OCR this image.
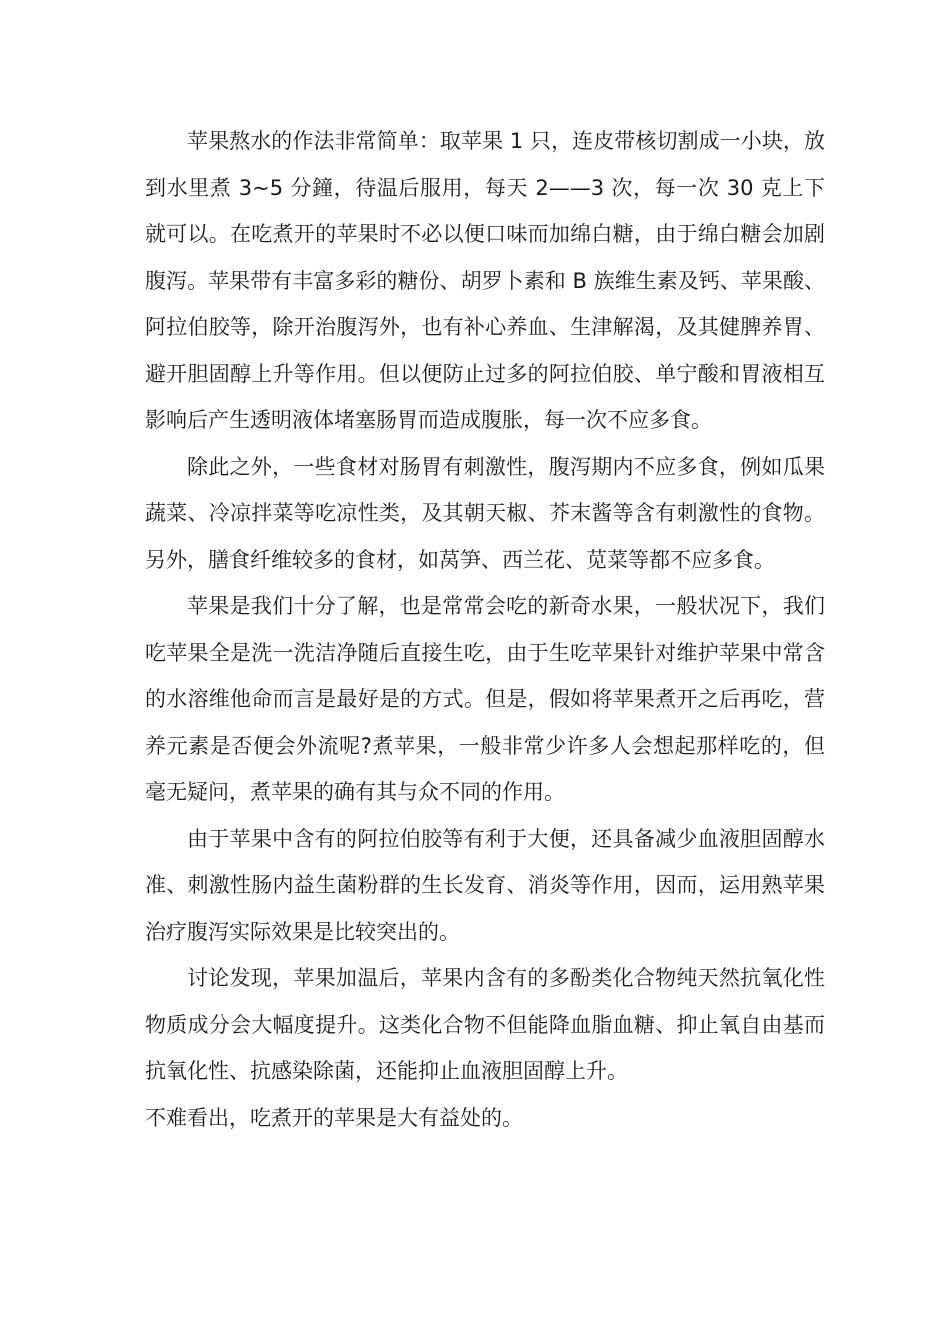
苹果熬水的作法非常简单：取苹果 1 只，连皮带核切割成一小块，放到水里煮 3~5 分鐘，待温后服用，每天 2——3 次，每一次 30 克上下就可以。在吃煮开的苹果时不必以便口味而加绵白糖，由于绵白糖会加剧腹泻。苹果带有丰富多彩的糖份、胡罗卜素和 B 族维生素及钙、苹果酸、阿拉伯胶等，除开治腹泻外，也有补心养血、生津解渴，及其健脾养胃、避开胆固醇上升等作用。但以便防止过多的阿拉伯胶、单宁酸和胃液相互影响后产生透明液体堵塞肠胃而造成腹胀，每一次不应多食。

除此之外，一些食材对肠胃有刺激性，腹泻期内不应多食，例如瓜果蔬菜、冷凉拌菜等吃凉性类，及其朝天椒、芥末酱等含有刺激性的食物。另外，膳食纤维较多的食材，如莴笋、西兰花、苋菜等都不应多食。

苹果是我们十分了解，也是常常会吃的新奇水果，一般状况下，我们吃苹果全是洗一洗洁净随后直接生吃，由于生吃苹果针对维护苹果中常含的水溶维他命而言是最好是的方式。但是，假如将苹果煮开之后再吃，营养元素是否便会外流呢?煮苹果，一般非常少许多人会想起那样吃的，但毫无疑问，煮苹果的确有其与众不同的作用。

由于苹果中含有的阿拉伯胶等有利于大便，还具备减少血液胆固醇水准、刺激性肠内益生菌粉群的生长发育、消炎等作用，因而，运用熟苹果治疗腹泻实际效果是比较突出的。

讨论发现，苹果加温后，苹果内含有的多酚类化合物纯天然抗氧化性物质成分会大幅度提升。这类化合物不但能降血脂血糖、抑止氧自由基而抗氧化性、抗感染除菌，还能抑止血液胆固醇上升。

不难看出，吃煮开的苹果是大有益处的。
